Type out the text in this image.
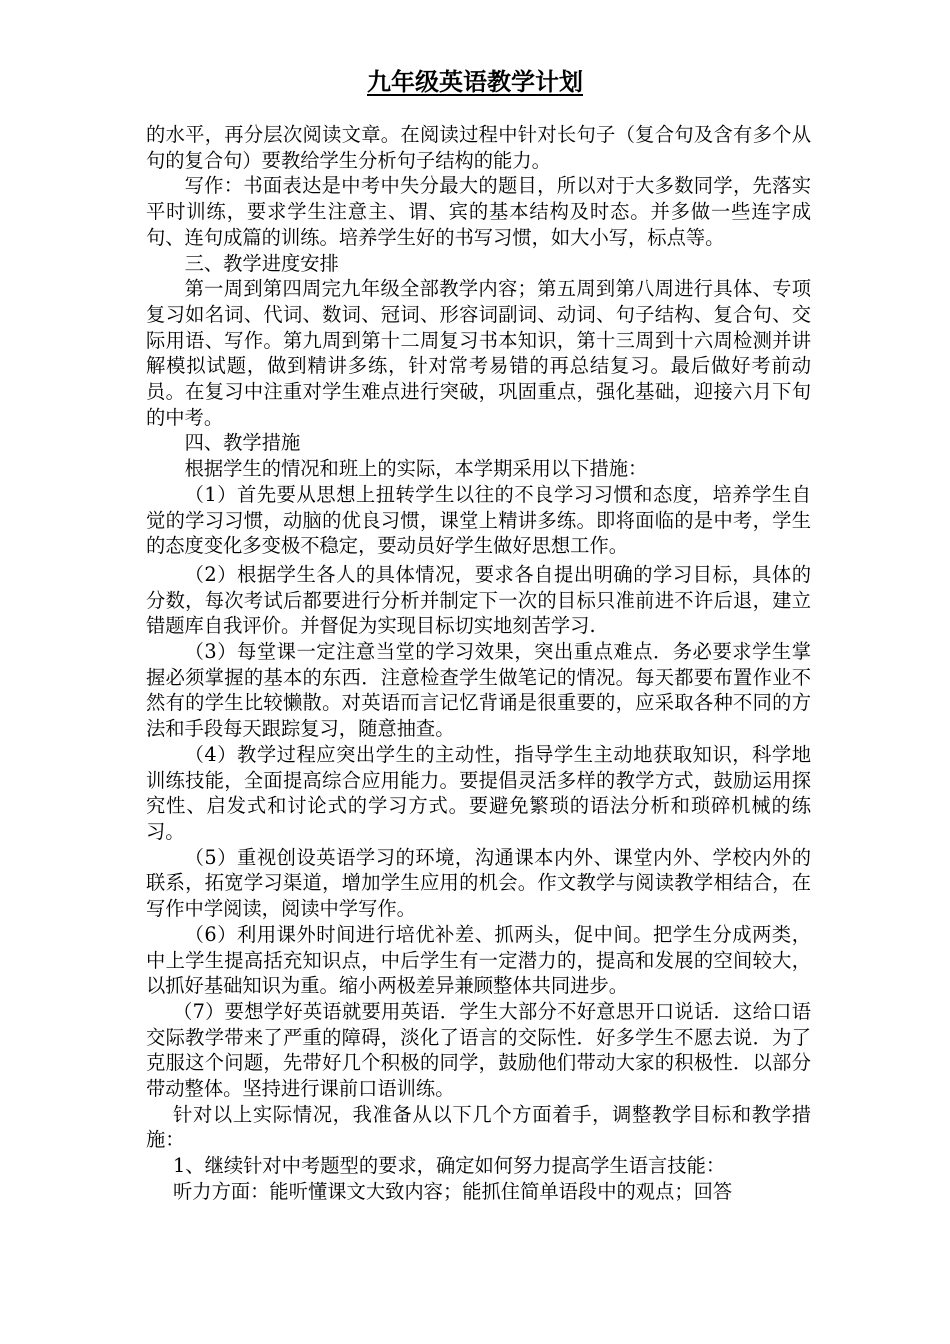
九年级英语教学计划

的水平，再分层次阅读文章。在阅读过程中针对长句子（复合句及含有多个从句的复合句）要教给学生分析句子结构的能力。

写作：书面表达是中考中失分最大的题目，所以对于大多数同学，先落实平时训练，要求学生注意主、谓、宾的基本结构及时态。并多做一些连字成句、连句成篇的训练。培养学生好的书写习惯，如大小写，标点等。

三、教学进度安排

第一周到第四周完九年级全部教学内容；第五周到第八周进行具体、专项复习如名词、代词、数词、冠词、形容词副词、动词、句子结构、复合句、交际用语、写作。第九周到第十二周复习书本知识，第十三周到十六周检测并讲解模拟试题，做到精讲多练，针对常考易错的再总结复习。最后做好考前动员。在复习中注重对学生难点进行突破，巩固重点，强化基础，迎接六月下旬的中考。

四、教学措施

根据学生的情况和班上的实际，本学期采用以下措施：

（1）首先要从思想上扭转学生以往的不良学习习惯和态度，培养学生自觉的学习习惯，动脑的优良习惯，课堂上精讲多练。即将面临的是中考，学生的态度变化多变极不稳定，要动员好学生做好思想工作。

（2）根据学生各人的具体情况，要求各自提出明确的学习目标，具体的分数，每次考试后都要进行分析并制定下一次的目标只准前进不许后退，建立错题库自我评价。并督促为实现目标切实地刻苦学习.

（3）每堂课一定注意当堂的学习效果，突出重点难点．务必要求学生掌握必须掌握的基本的东西．注意检查学生做笔记的情况。每天都要布置作业不然有的学生比较懒散。对英语而言记忆背诵是很重要的，应采取各种不同的方法和手段每天跟踪复习，随意抽查。

（4）教学过程应突出学生的主动性，指导学生主动地获取知识，科学地训练技能，全面提高综合应用能力。要提倡灵活多样的教学方式，鼓励运用探究性、启发式和讨论式的学习方式。要避免繁琐的语法分析和琐碎机械的练习。

（5）重视创设英语学习的环境，沟通课本内外、课堂内外、学校内外的联系，拓宽学习渠道，增加学生应用的机会。作文教学与阅读教学相结合，在写作中学阅读，阅读中学写作。

（6）利用课外时间进行培优补差、抓两头，促中间。把学生分成两类，中上学生提高括充知识点，中后学生有一定潜力的，提高和发展的空间较大，以抓好基础知识为重。缩小两极差异兼顾整体共同进步。

（7）要想学好英语就要用英语．学生大部分不好意思开口说话．这给口语交际教学带来了严重的障碍，淡化了语言的交际性．好多学生不愿去说．为了克服这个问题，先带好几个积极的同学，鼓励他们带动大家的积极性．以部分带动整体。坚持进行课前口语训练。

针对以上实际情况，我准备从以下几个方面着手，调整教学目标和教学措施：

1、继续针对中考题型的要求，确定如何努力提高学生语言技能：

听力方面：能听懂课文大致内容；能抓住简单语段中的观点；回答
